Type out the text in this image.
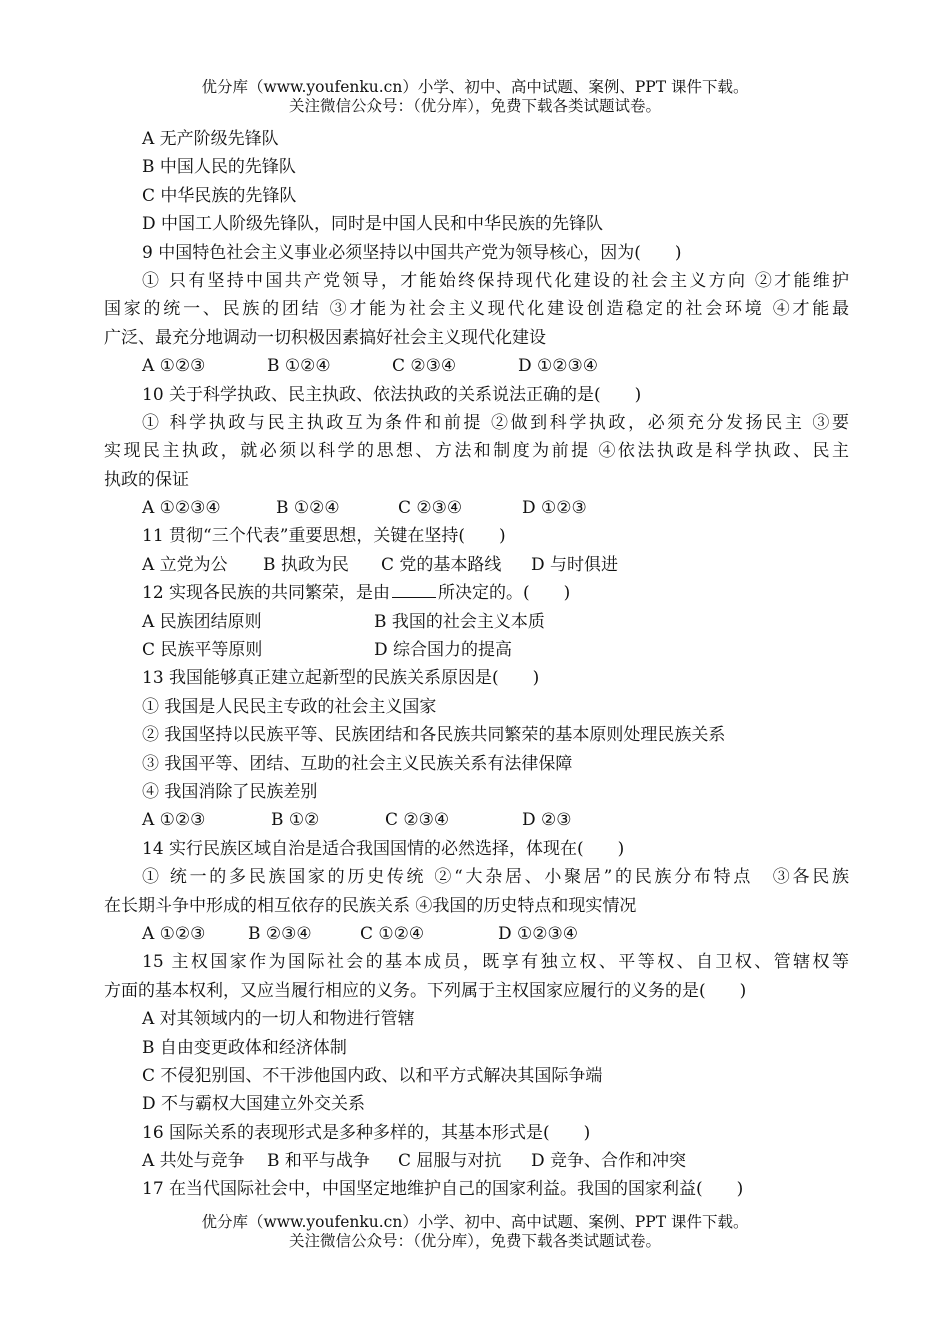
优分库（www.youfenku.cn）小学、初中、高中试题、案例、PPT 课件下载。
关注微信公众号：（优分库），免费下载各类试题试卷。
A 无产阶级先锋队
B 中国人民的先锋队
C 中华民族的先锋队
D 中国工人阶级先锋队，同时是中国人民和中华民族的先锋队
9 中国特色社会主义事业必须坚持以中国共产党为领导核心，因为(　　)
① 只有坚持中国共产党领导，才能始终保持现代化建设的社会主义方向 ②才能维护
国家的统一、民族的团结 ③才能为社会主义现代化建设创造稳定的社会环境 ④才能最
广泛、最充分地调动一切积极因素搞好社会主义现代化建设
A ①②③	B ①②④	C ②③④	D ①②③④
10 关于科学执政、民主执政、依法执政的关系说法正确的是(　　)
① 科学执政与民主执政互为条件和前提 ②做到科学执政，必须充分发扬民主 ③要
实现民主执政，就必须以科学的思想、方法和制度为前提 ④依法执政是科学执政、民主
执政的保证
A ①②③④	B ①②④	C ②③④	D ①②③
11 贯彻“三个代表”重要思想，关键在坚持(　　)
A 立党为公 B 执政为民 C 党的基本路线 D 与时俱进
12 实现各民族的共同繁荣，是由	所决定的。(　　)
A 民族团结原则	B 我国的社会主义本质
C 民族平等原则	D 综合国力的提高
13 我国能够真正建立起新型的民族关系原因是(　　)
① 我国是人民民主专政的社会主义国家
② 我国坚持以民族平等、民族团结和各民族共同繁荣的基本原则处理民族关系
③ 我国平等、团结、互助的社会主义民族关系有法律保障
④ 我国消除了民族差别
A ①②③	B ①②	C ②③④	D ②③
14 实行民族区域自治是适合我国国情的必然选择，体现在(　　)
① 统一的多民族国家的历史传统 ②“大杂居、小聚居”的民族分布特点　③各民族
在长期斗争中形成的相互依存的民族关系 ④我国的历史特点和现实情况
A ①②③	B ②③④	C ①②④	D ①②③④
15 主权国家作为国际社会的基本成员，既享有独立权、平等权、自卫权、管辖权等
方面的基本权利，又应当履行相应的义务。下列属于主权国家应履行的义务的是(　　)
A 对其领域内的一切人和物进行管辖
B 自由变更政体和经济体制
C 不侵犯别国、不干涉他国内政、以和平方式解决其国际争端
D 不与霸权大国建立外交关系
16 国际关系的表现形式是多种多样的，其基本形式是(　　)
A 共处与竞争 B 和平与战争 C 屈服与对抗 D 竞争、合作和冲突
17 在当代国际社会中，中国坚定地维护自己的国家利益。我国的国家利益(　　)
优分库（www.youfenku.cn）小学、初中、高中试题、案例、PPT 课件下载。
关注微信公众号：（优分库），免费下载各类试题试卷。
